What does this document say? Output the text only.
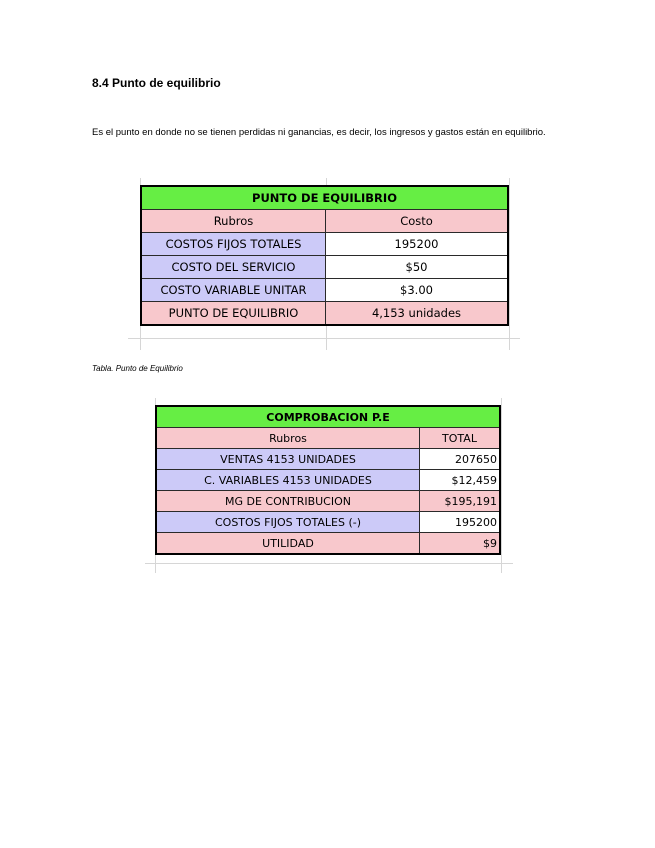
8.4 Punto de equilibrio
Es el punto en donde no se tienen perdidas ni ganancias, es decir, los ingresos y gastos están en equilibrio.
PUNTO DE EQUILIBRIO	
Rubros	Costo
COSTOS FIJOS TOTALES	195200
COSTO DEL SERVICIO	$50
COSTO VARIABLE UNITAR	$3.00
PUNTO DE EQUILIBRIO	4,153 unidades
Tabla. Punto de Equilibrio
COMPROBACION P.E	
Rubros	TOTAL
VENTAS 4153 UNIDADES	207650
C. VARIABLES 4153 UNIDADES	$12,459
MG DE CONTRIBUCION	$195,191
COSTOS FIJOS TOTALES (-)	195200
UTILIDAD	$9
